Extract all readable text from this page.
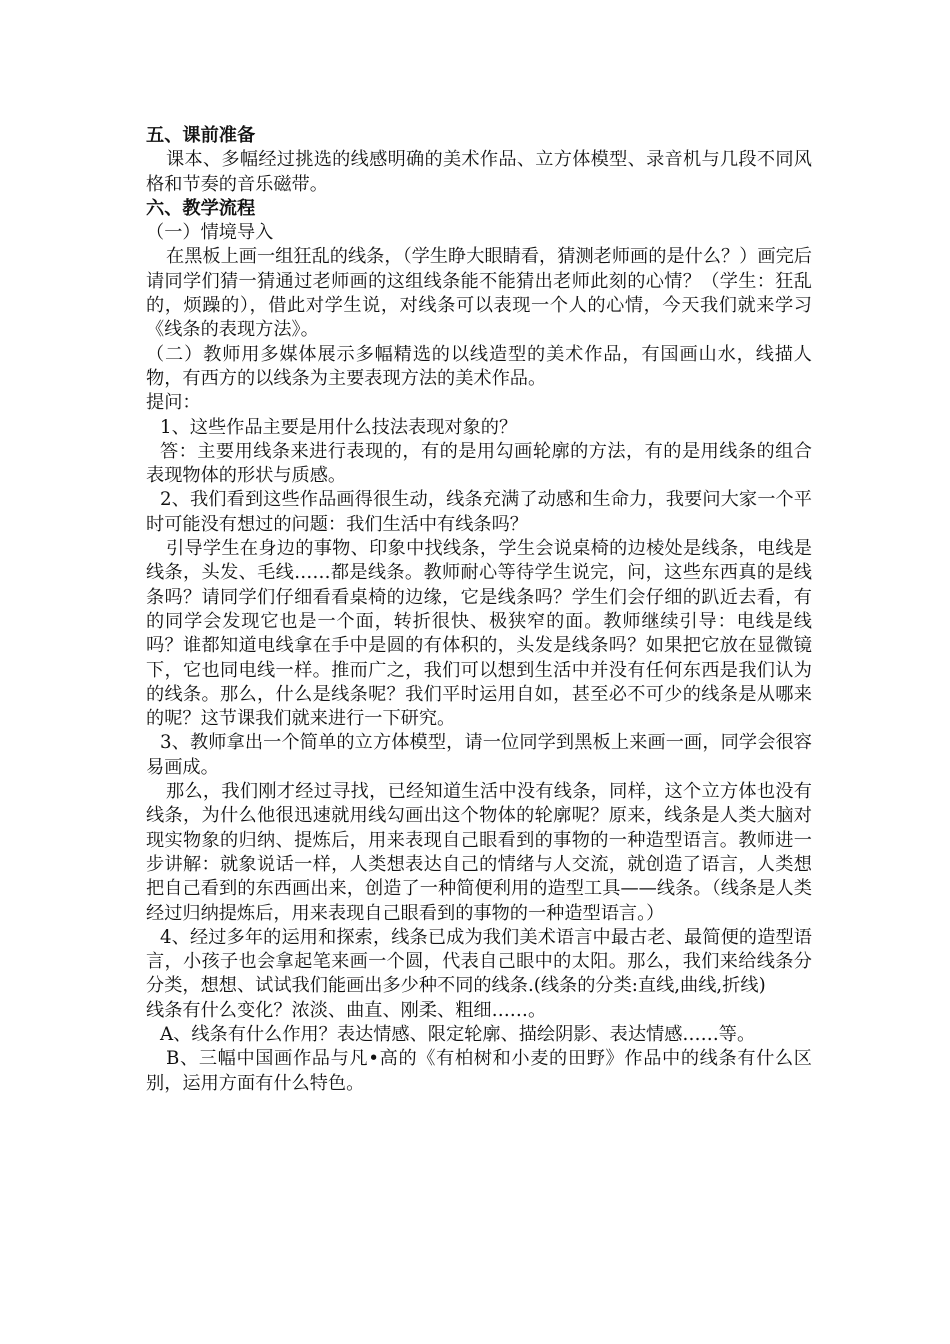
五、课前准备

课本、多幅经过挑选的线感明确的美术作品、立方体模型、录音机与几段不同风格和节奏的音乐磁带。

六、教学流程

（一）情境导入

在黑板上画一组狂乱的线条，（学生睁大眼睛看，猜测老师画的是什么？）画完后请同学们猜一猜通过老师画的这组线条能不能猜出老师此刻的心情？（学生：狂乱的，烦躁的），借此对学生说，对线条可以表现一个人的心情，今天我们就来学习《线条的表现方法》。

（二）教师用多媒体展示多幅精选的以线造型的美术作品，有国画山水，线描人物，有西方的以线条为主要表现方法的美术作品。

提问：

1、这些作品主要是用什么技法表现对象的？

答：主要用线条来进行表现的，有的是用勾画轮廓的方法，有的是用线条的组合表现物体的形状与质感。

2、我们看到这些作品画得很生动，线条充满了动感和生命力，我要问大家一个平时可能没有想过的问题：我们生活中有线条吗？

引导学生在身边的事物、印象中找线条，学生会说桌椅的边棱处是线条，电线是线条，头发、毛线……都是线条。教师耐心等待学生说完，问，这些东西真的是线条吗？请同学们仔细看看桌椅的边缘，它是线条吗？学生们会仔细的趴近去看，有的同学会发现它也是一个面，转折很快、极狭窄的面。教师继续引导：电线是线吗？谁都知道电线拿在手中是圆的有体积的，头发是线条吗？如果把它放在显微镜下，它也同电线一样。推而广之，我们可以想到生活中并没有任何东西是我们认为的线条。那么，什么是线条呢？我们平时运用自如，甚至必不可少的线条是从哪来的呢？这节课我们就来进行一下研究。

3、教师拿出一个简单的立方体模型，请一位同学到黑板上来画一画，同学会很容易画成。

那么，我们刚才经过寻找，已经知道生活中没有线条，同样，这个立方体也没有线条，为什么他很迅速就用线勾画出这个物体的轮廓呢？原来，线条是人类大脑对现实物象的归纳、提炼后，用来表现自己眼看到的事物的一种造型语言。教师进一步讲解：就象说话一样，人类想表达自己的情绪与人交流，就创造了语言，人类想把自己看到的东西画出来，创造了一种简便利用的造型工具——线条。（线条是人类经过归纳提炼后，用来表现自己眼看到的事物的一种造型语言。）

4、经过多年的运用和探索，线条已成为我们美术语言中最古老、最简便的造型语言，小孩子也会拿起笔来画一个圆，代表自己眼中的太阳。那么，我们来给线条分分类，想想、试试我们能画出多少种不同的线条.(线条的分类:直线,曲线,折线)

线条有什么变化？浓淡、曲直、刚柔、粗细……。

A、线条有什么作用？表达情感、限定轮廓、描绘阴影、表达情感……等。

B、三幅中国画作品与凡•高的《有柏树和小麦的田野》作品中的线条有什么区别，运用方面有什么特色。
